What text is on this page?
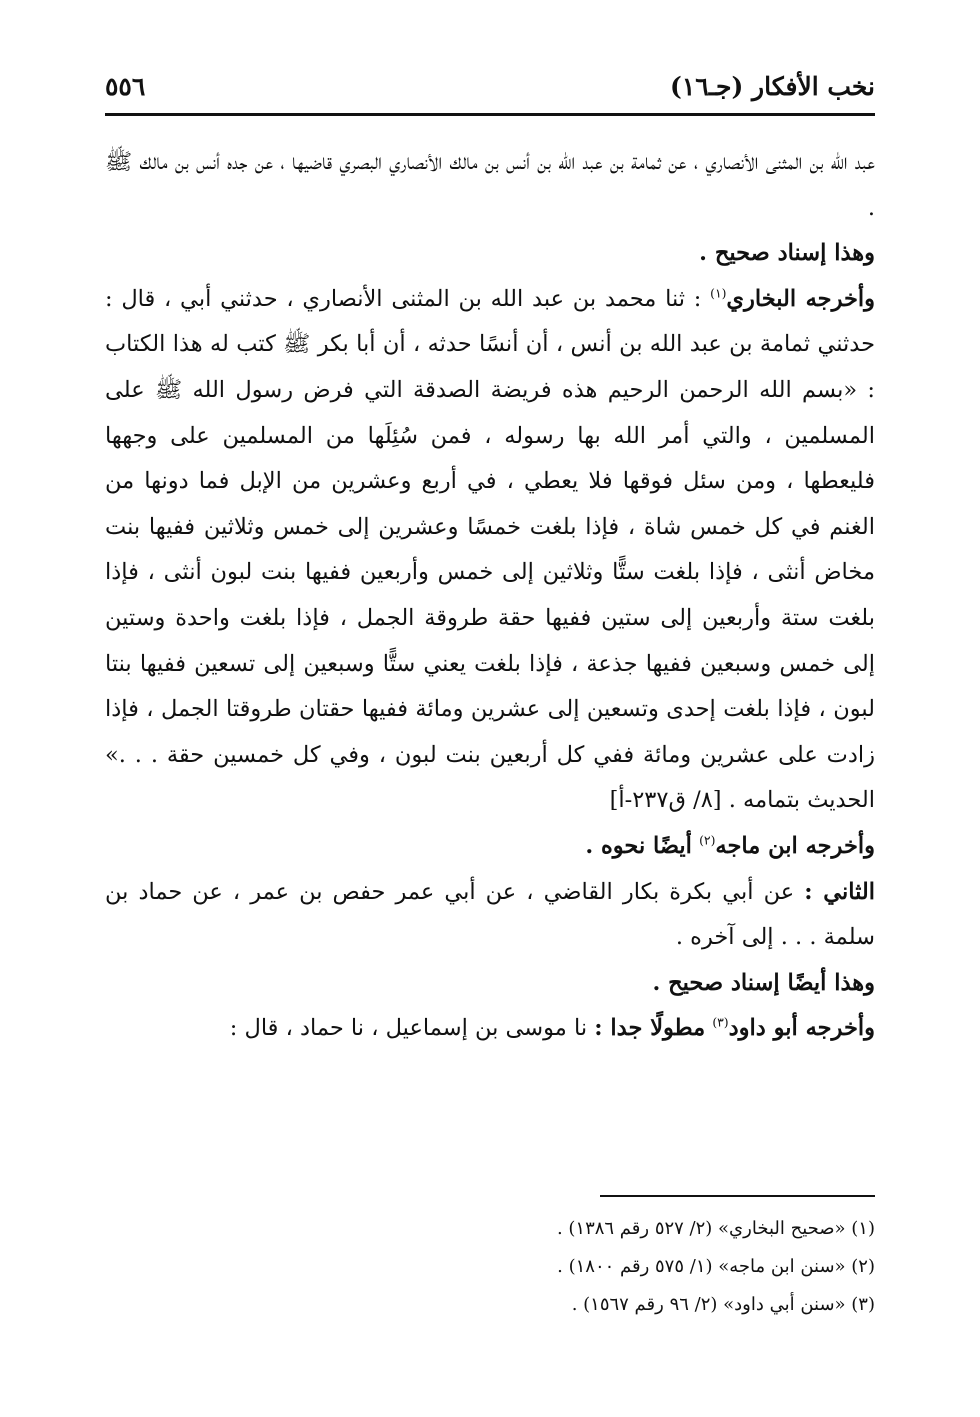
نخب الأفكار (جـ١٦)
٥٥٦

عبد الله بن المثنى الأنصاري ، عن ثمامة بن عبد الله بن أنس بن مالك الأنصاري البصري قاضيها ، عن جده أنس بن مالك ﷺ .

وهذا إسناد صحيح .

وأخرجه البخاري$^{(١)}$ : ثنا محمد بن عبد الله بن المثنى الأنصاري ، حدثني أبي ، قال : حدثني ثمامة بن عبد الله بن أنس ، أن أنسًا حدثه ، أن أبا بكر ﷺ كتب له هذا الكتاب : «بسم الله الرحمن الرحيم هذه فريضة الصدقة التي فرض رسول الله ﷺ على المسلمين ، والتي أمر الله بها رسوله ، فمن سُئِلَها من المسلمين على وجهها فليعطها ، ومن سئل فوقها فلا يعطي ، في أربع وعشرين من الإبل فما دونها من الغنم في كل خمس شاة ، فإذا بلغت خمسًا وعشرين إلى خمس وثلاثين ففيها بنت مخاض أنثى ، فإذا بلغت ستًّا وثلاثين إلى خمس وأربعين ففيها بنت لبون أنثى ، فإذا بلغت ستة وأربعين إلى ستين ففيها حقة طروقة الجمل ، فإذا بلغت واحدة وستين إلى خمس وسبعين ففيها جذعة ، فإذا بلغت يعني ستًّا وسبعين إلى تسعين ففيها بنتا لبون ، فإذا بلغت إحدى وتسعين إلى عشرين ومائة ففيها حقتان طروقتا الجمل ، فإذا زادت على عشرين ومائة ففي كل أربعين بنت لبون ، وفي كل خمسين حقة . . .» الحديث بتمامه . [٨/ ق٢٣٧-أ]

وأخرجه ابن ماجه$^{(٢)}$ أيضًا نحوه .

الثاني : عن أبي بكرة بكار القاضي ، عن أبي عمر حفص بن عمر ، عن حماد بن سلمة . . . إلى آخره .

وهذا أيضًا إسناد صحيح .

وأخرجه أبو داود$^{(٣)}$ مطولًا جدا : نا موسى بن إسماعيل ، نا حماد ، قال :

(١) «صحيح البخاري» (٢/ ٥٢٧ رقم ١٣٨٦) .
(٢) «سنن ابن ماجه» (١/ ٥٧٥ رقم ١٨٠٠) .
(٣) «سنن أبي داود» (٢/ ٩٦ رقم ١٥٦٧) .
